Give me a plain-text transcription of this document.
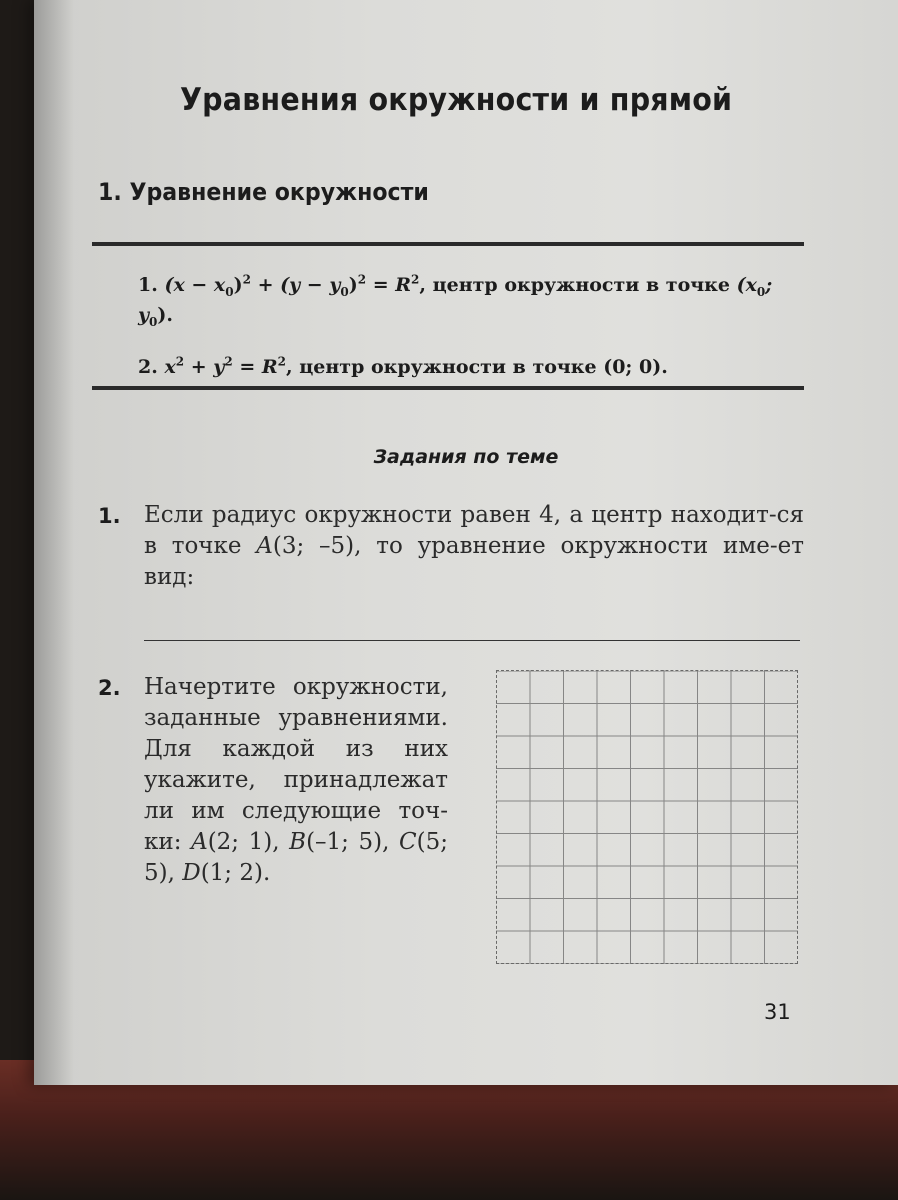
Уравнения окружности и прямой
1. Уравнение окружности
1. $(x - x_0)^2 + (y - y_0)^2 = R^2$, центр окружности в точке ($x_0$; $y_0$).
2. $x^2 + y^2 = R^2$, центр окружности в точке (0; 0).
Задания по теме
1. Если радиус окружности равен 4, а центр находит-ся в точке A(3; –5), то уравнение окружности име-ет вид:
2. Начертите окружности, заданные уравнениями. Для каждой из них укажите, принадлежат ли им следующие точ-ки: A(2; 1), B(–1; 5), C(5; 5), D(1; 2).
31
